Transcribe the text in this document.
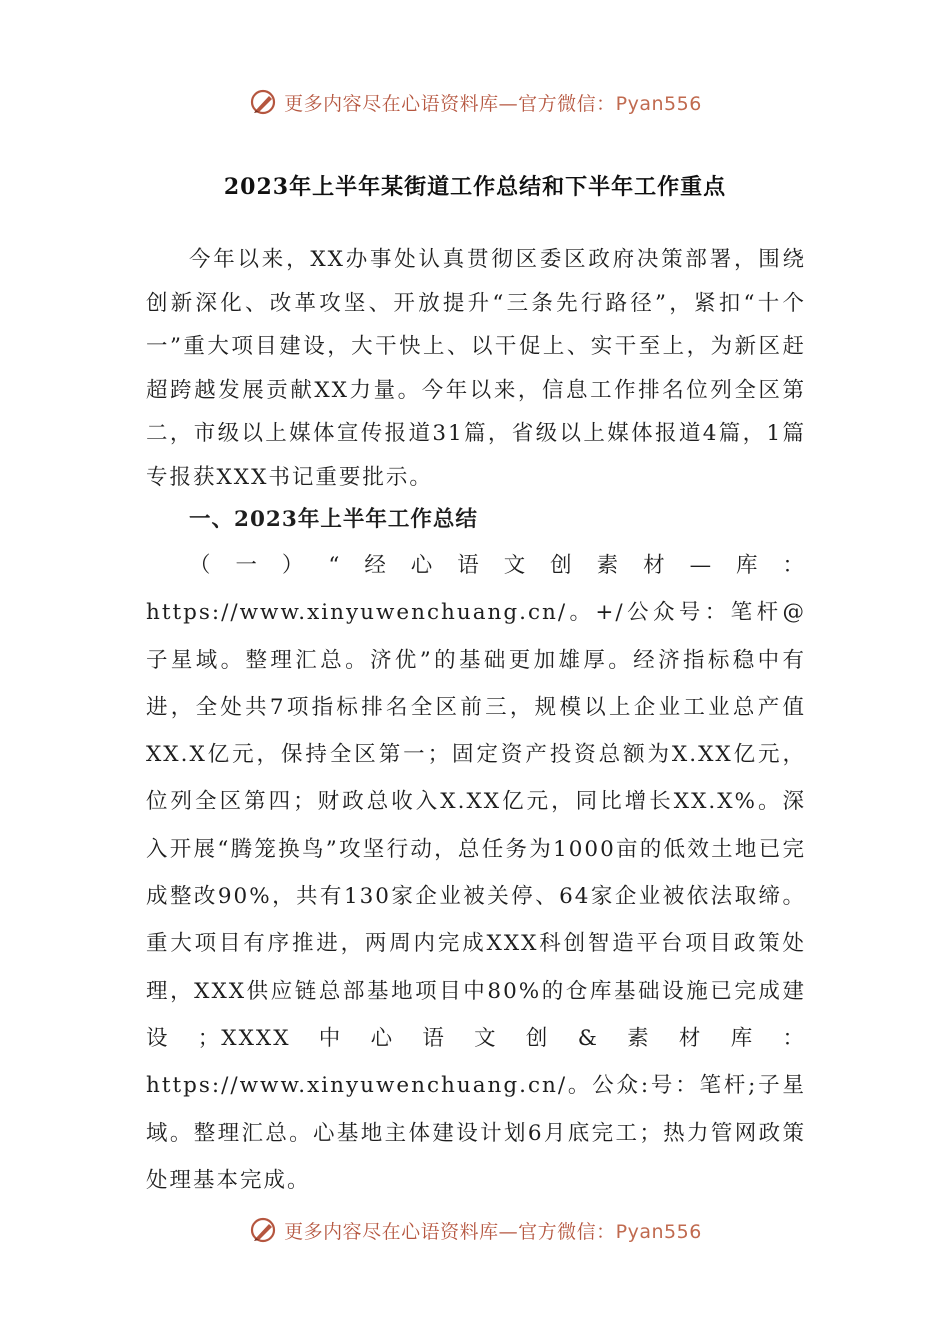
更多内容尽在心语资料库—官方微信：Pyan556
2023年上半年某街道工作总结和下半年工作重点

今年以来，XX办事处认真贯彻区委区政府决策部署，围绕创新深化、改革攻坚、开放提升“三条先行路径”，紧扣“十个一”重大项目建设，大干快上、以干促上、实干至上，为新区赶超跨越发展贡献XX力量。今年以来，信息工作排名位列全区第二，市级以上媒体宣传报道31篇，省级以上媒体报道4篇，1篇专报获XXX书记重要批示。

一、2023年上半年工作总结

（一）“经心语文创素材—库：https://www.xinyuwenchuang.cn/。+/公众号：笔杆@子星域。整理汇总。济优”的基础更加雄厚。经济指标稳中有进，全处共7项指标排名全区前三，规模以上企业工业总产值XX.X亿元，保持全区第一；固定资产投资总额为X.XX亿元，位列全区第四；财政总收入X.XX亿元，同比增长XX.X%。深入开展“腾笼换鸟”攻坚行动，总任务为1000亩的低效土地已完成整改90%，共有130家企业被关停、64家企业被依法取缔。重大项目有序推进，两周内完成XXX科创智造平台项目政策处理，XXX供应链总部基地项目中80%的仓库基础设施已完成建设；XXXX中心语文创&素材库：https://www.xinyuwenchuang.cn/。公众:号：笔杆;子星域。整理汇总。心基地主体建设计划6月底完工；热力管网政策处理基本完成。

更多内容尽在心语资料库—官方微信：Pyan556
